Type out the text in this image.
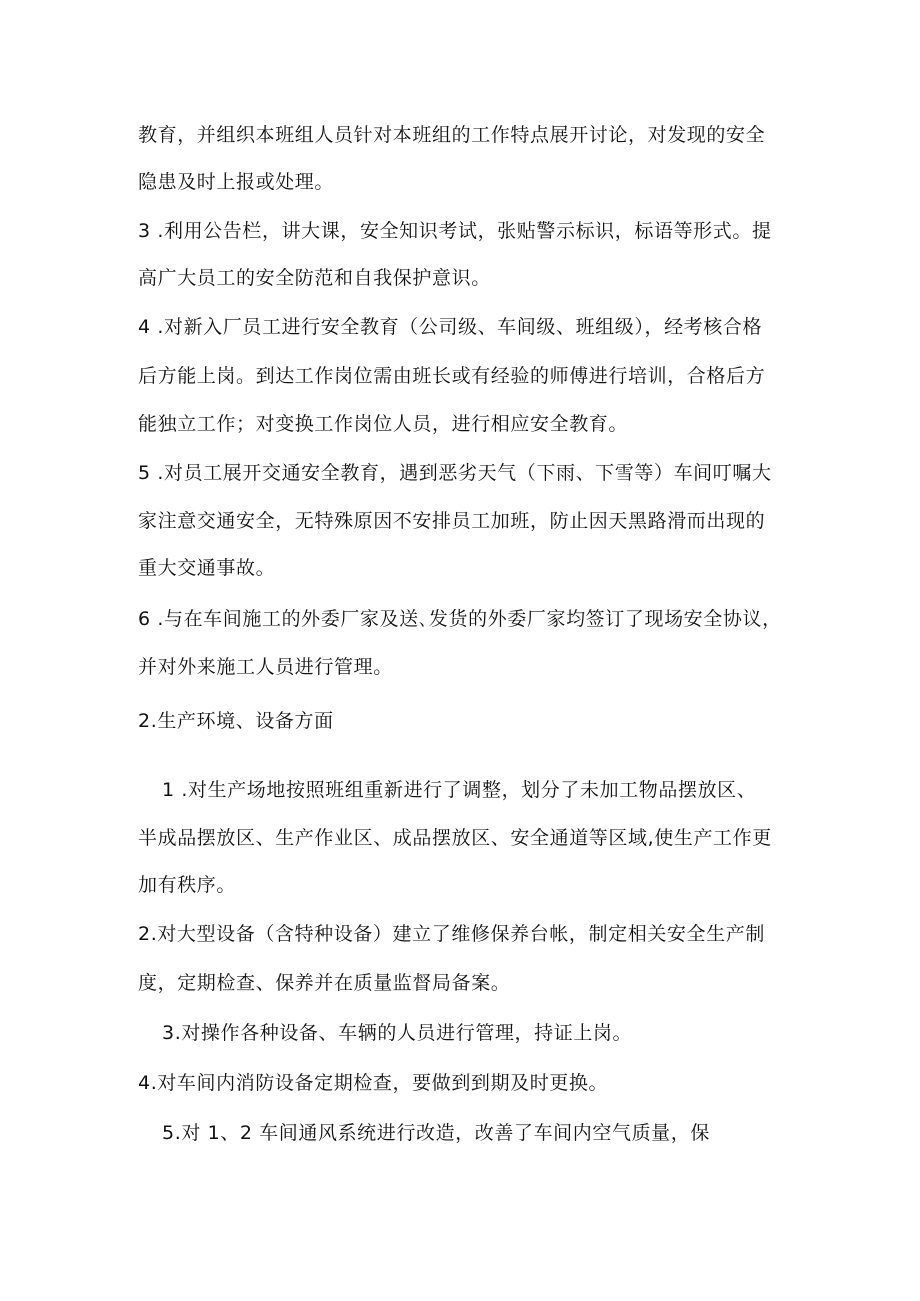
教育，并组织本班组人员针对本班组的工作特点展开讨论，对发现的安全
隐患及时上报或处理。
3 .利用公告栏，讲大课，安全知识考试，张贴警示标识，标语等形式。提
高广大员工的安全防范和自我保护意识。
4 .对新入厂员工进行安全教育（公司级、车间级、班组级），经考核合格
后方能上岗。到达工作岗位需由班长或有经验的师傅进行培训，合格后方
能独立工作；对变换工作岗位人员，进行相应安全教育。
5 .对员工展开交通安全教育，遇到恶劣天气（下雨、下雪等）车间叮嘱大
家注意交通安全，无特殊原因不安排员工加班，防止因天黑路滑而出现的
重大交通事故。
6 .与在车间施工的外委厂家及送､发货的外委厂家均签订了现场安全协议，
并对外来施工人员进行管理。
2.生产环境、设备方面
1 .对生产场地按照班组重新进行了调整，划分了未加工物品摆放区、
半成品摆放区、生产作业区、成品摆放区、安全通道等区域,使生产工作更
加有秩序。
2.对大型设备（含特种设备）建立了维修保养台帐，制定相关安全生产制
度，定期检查、保养并在质量监督局备案。
3.对操作各种设备、车辆的人员进行管理，持证上岗。
4.对车间内消防设备定期检查，要做到到期及时更换。
5.对 1、2 车间通风系统进行改造，改善了车间内空气质量，保
